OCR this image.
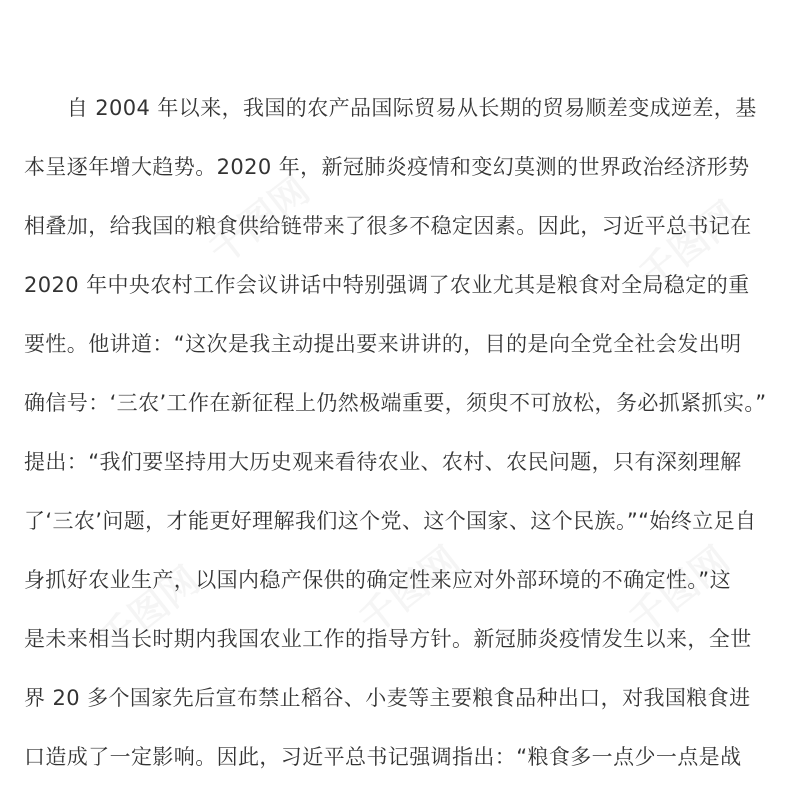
　　自 2004 年以来，我国的农产品国际贸易从长期的贸易顺差变成逆差，基
本呈逐年增大趋势。2020 年，新冠肺炎疫情和变幻莫测的世界政治经济形势
相叠加，给我国的粮食供给链带来了很多不稳定因素。因此，习近平总书记在
2020 年中央农村工作会议讲话中特别强调了农业尤其是粮食对全局稳定的重
要性。他讲道：“这次是我主动提出要来讲讲的，目的是向全党全社会发出明
确信号：‘三农’工作在新征程上仍然极端重要，须臾不可放松，务必抓紧抓实。”
提出：“我们要坚持用大历史观来看待农业、农村、农民问题，只有深刻理解
了‘三农’问题，才能更好理解我们这个党、这个国家、这个民族。”“始终立足自
身抓好农业生产，以国内稳产保供的确定性来应对外部环境的不确定性。”这
是未来相当长时期内我国农业工作的指导方针。新冠肺炎疫情发生以来，全世
界 20 多个国家先后宣布禁止稻谷、小麦等主要粮食品种出口，对我国粮食进
口造成了一定影响。因此，习近平总书记强调指出：“粮食多一点少一点是战
